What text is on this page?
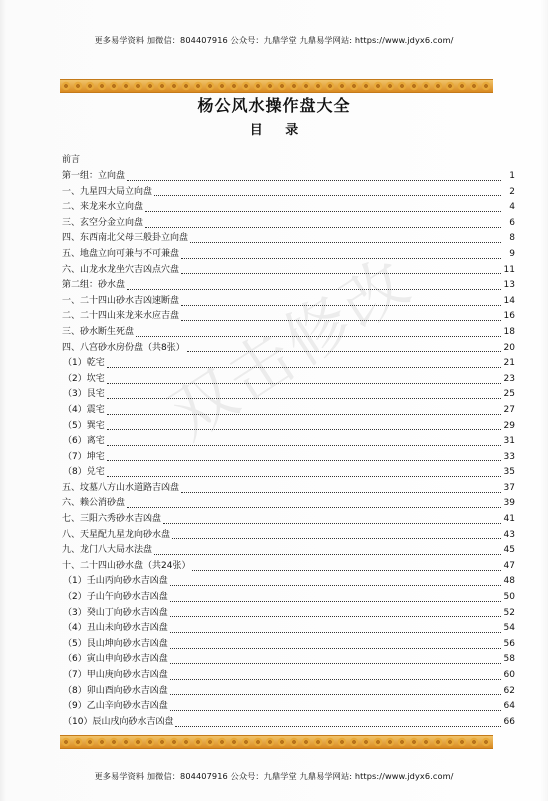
更多易学资料 加微信：804407916 公众号：九鼎学堂 九鼎易学网站: https://www.jdyx6.com/
杨公风水操作盘大全
目 录
前言
第一组：立向盘	1
一、九星四大局立向盘	2
二、来龙来水立向盘	4
三、玄空分金立向盘	6
四、东西南北父母三般卦立向盘	8
五、地盘立向可兼与不可兼盘	9
六、山龙水龙坐穴吉凶点穴盘	11
第二组：砂水盘	13
一、二十四山砂水吉凶速断盘	14
二、二十四山来龙来水应吉盘	16
三、砂水断生死盘	18
四、八宫砂水房份盘（共8张）	20
（1）乾宅	21
（2）坎宅	23
（3）艮宅	25
（4）震宅	27
（5）巽宅	29
（6）离宅	31
（7）坤宅	33
（8）兑宅	35
五、坟墓八方山水道路吉凶盘	37
六、赖公消砂盘	39
七、三阳六秀砂水吉凶盘	41
八、天星配九星龙向砂水盘	43
九、龙门八大局水法盘	45
十、二十四山砂水盘（共24张）	47
（1）壬山丙向砂水吉凶盘	48
（2）子山午向砂水吉凶盘	50
（3）癸山丁向砂水吉凶盘	52
（4）丑山未向砂水吉凶盘	54
（5）艮山坤向砂水吉凶盘	56
（6）寅山申向砂水吉凶盘	58
（7）甲山庚向砂水吉凶盘	60
（8）卯山酉向砂水吉凶盘	62
（9）乙山辛向砂水吉凶盘	64
（10）辰山戌向砂水吉凶盘	66
双击修改
更多易学资料 加微信：804407916 公众号：九鼎学堂 九鼎易学网站: https://www.jdyx6.com/
